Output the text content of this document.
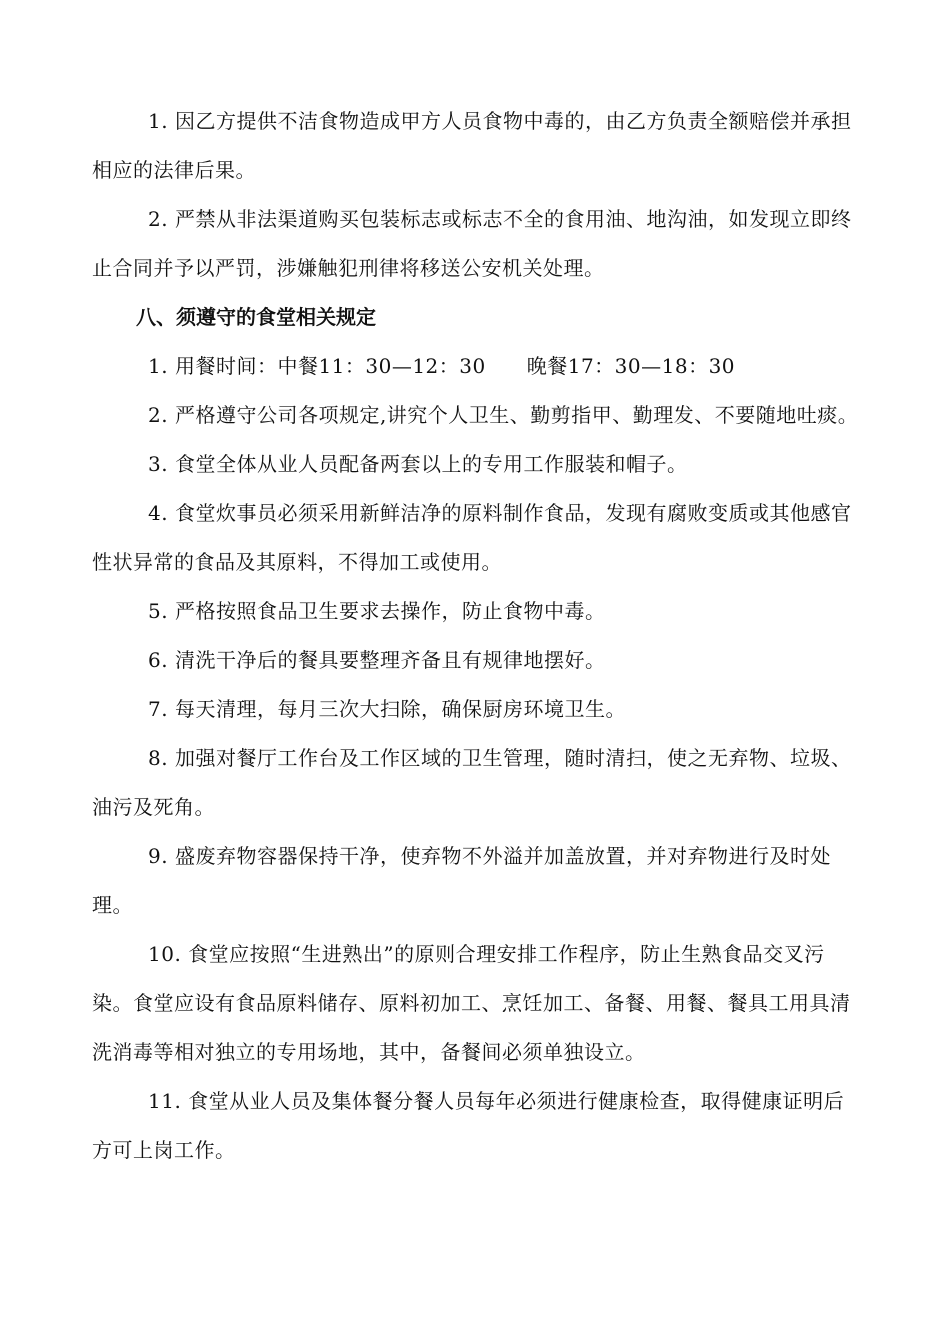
1. 因乙方提供不洁食物造成甲方人员食物中毒的，由乙方负责全额赔偿并承担相应的法律后果。

2. 严禁从非法渠道购买包装标志或标志不全的食用油、地沟油，如发现立即终止合同并予以严罚，涉嫌触犯刑律将移送公安机关处理。

八、须遵守的食堂相关规定

1. 用餐时间：中餐11：30—12：30　　晚餐17：30—18：30

2. 严格遵守公司各项规定,讲究个人卫生、勤剪指甲、勤理发、不要随地吐痰。

3. 食堂全体从业人员配备两套以上的专用工作服装和帽子。

4. 食堂炊事员必须采用新鲜洁净的原料制作食品，发现有腐败变质或其他感官性状异常的食品及其原料，不得加工或使用。

5. 严格按照食品卫生要求去操作，防止食物中毒。

6. 清洗干净后的餐具要整理齐备且有规律地摆好。

7. 每天清理，每月三次大扫除，确保厨房环境卫生。

8. 加强对餐厅工作台及工作区域的卫生管理，随时清扫，使之无弃物、垃圾、油污及死角。

9. 盛废弃物容器保持干净，使弃物不外溢并加盖放置，并对弃物进行及时处理。

10. 食堂应按照“生进熟出”的原则合理安排工作程序，防止生熟食品交叉污染。食堂应设有食品原料储存、原料初加工、烹饪加工、备餐、用餐、餐具工用具清洗消毒等相对独立的专用场地，其中，备餐间必须单独设立。

11. 食堂从业人员及集体餐分餐人员每年必须进行健康检查，取得健康证明后方可上岗工作。
